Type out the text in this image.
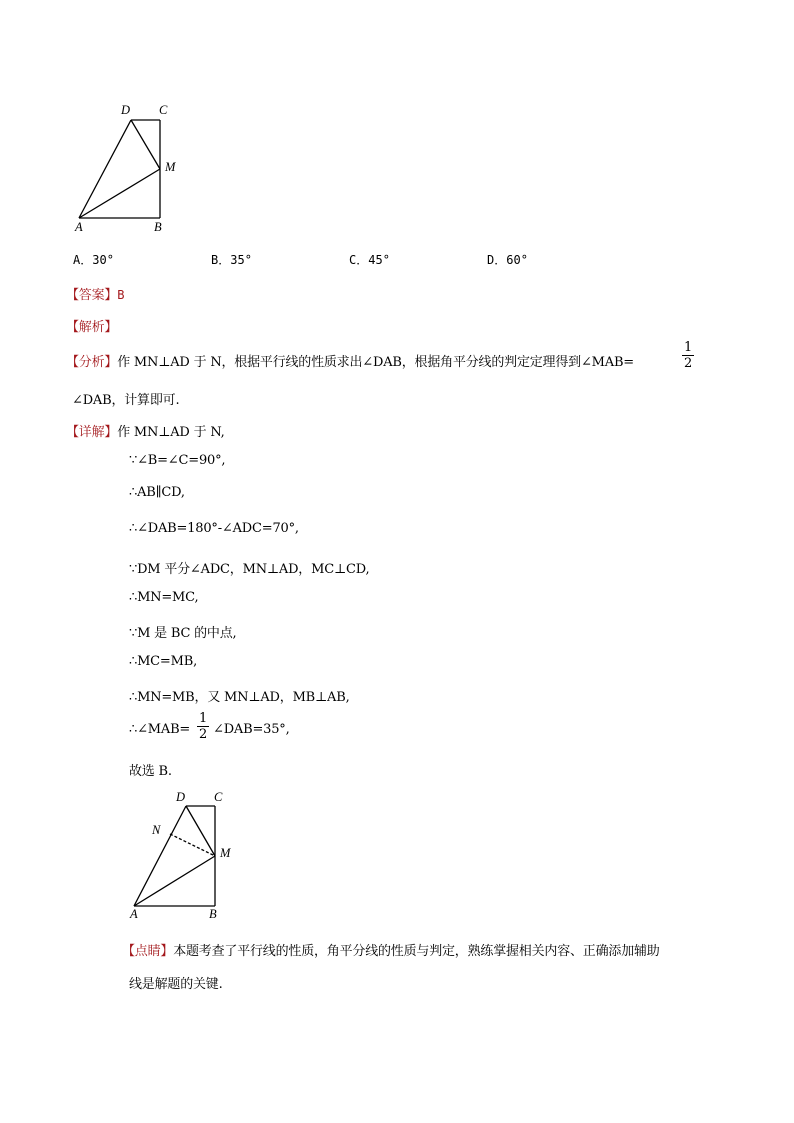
D C
M
A	B
A．30°	B．35°	C．45°	D．60°
【答案】B
【解析】
【分析】作 MN⊥AD 于 N，根据平行线的性质求出∠DAB，根据角平分线的判定定理得到∠MAB=	$\frac{1}{2}$
∠DAB，计算即可.
【详解】作 MN⊥AD 于 N,
∵∠B=∠C=90°,
∴AB∥CD,
∴∠DAB=180°-∠ADC=70°,
∵DM 平分∠ADC，MN⊥AD，MC⊥CD,
∴MN=MC,
∵M 是 BC 的中点,
∴MC=MB,
∴MN=MB，又 MN⊥AD，MB⊥AB,
∴∠MAB= $\frac{1}{2}$ ∠DAB=35°,
故选 B.
D C
N
M
A	B
【点睛】本题考查了平行线的性质，角平分线的性质与判定，熟练掌握相关内容、正确添加辅助
线是解题的关键.
